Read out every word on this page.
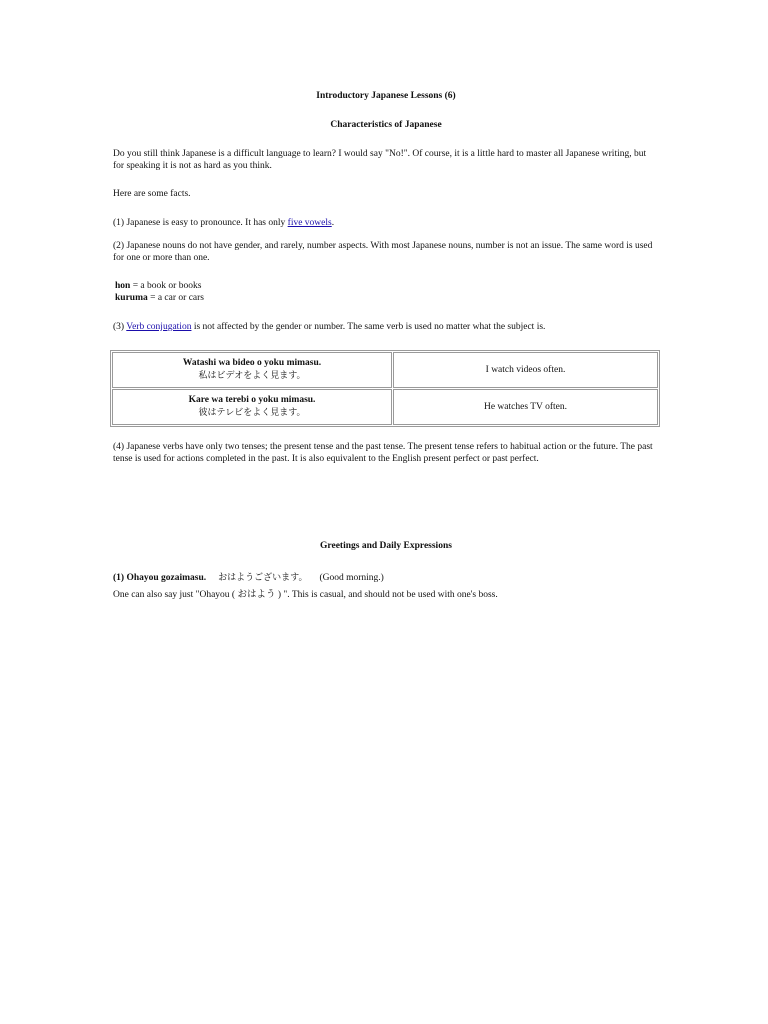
Introductory Japanese Lessons (6)
Characteristics of Japanese
Do you still think Japanese is a difficult language to learn? I would say "No!". Of course, it is a little hard to master all Japanese writing, but for speaking it is not as hard as you think.
Here are some facts.
(1) Japanese is easy to pronounce. It has only five vowels.
(2) Japanese nouns do not have gender, and rarely, number aspects. With most Japanese nouns, number is not an issue. The same word is used for one or more than one.
hon = a book or books
kuruma = a car or cars
(3) Verb conjugation is not affected by the gender or number. The same verb is used no matter what the subject is.
Watashi wa bideo o yoku mimasu.
私はビデオをよく見ます。	I watch videos often.

Kare wa terebi o yoku mimasu.
彼はテレビをよく見ます。	He watches TV often.
(4) Japanese verbs have only two tenses; the present tense and the past tense. The present tense refers to habitual action or the future. The past tense is used for actions completed in the past. It is also equivalent to the English present perfect or past perfect.
Greetings and Daily Expressions
(1) Ohayou gozaimasu. おはようございます。 (Good morning.)
One can also say just "Ohayou ( おはよう ) ". This is casual, and should not be used with one's boss.
